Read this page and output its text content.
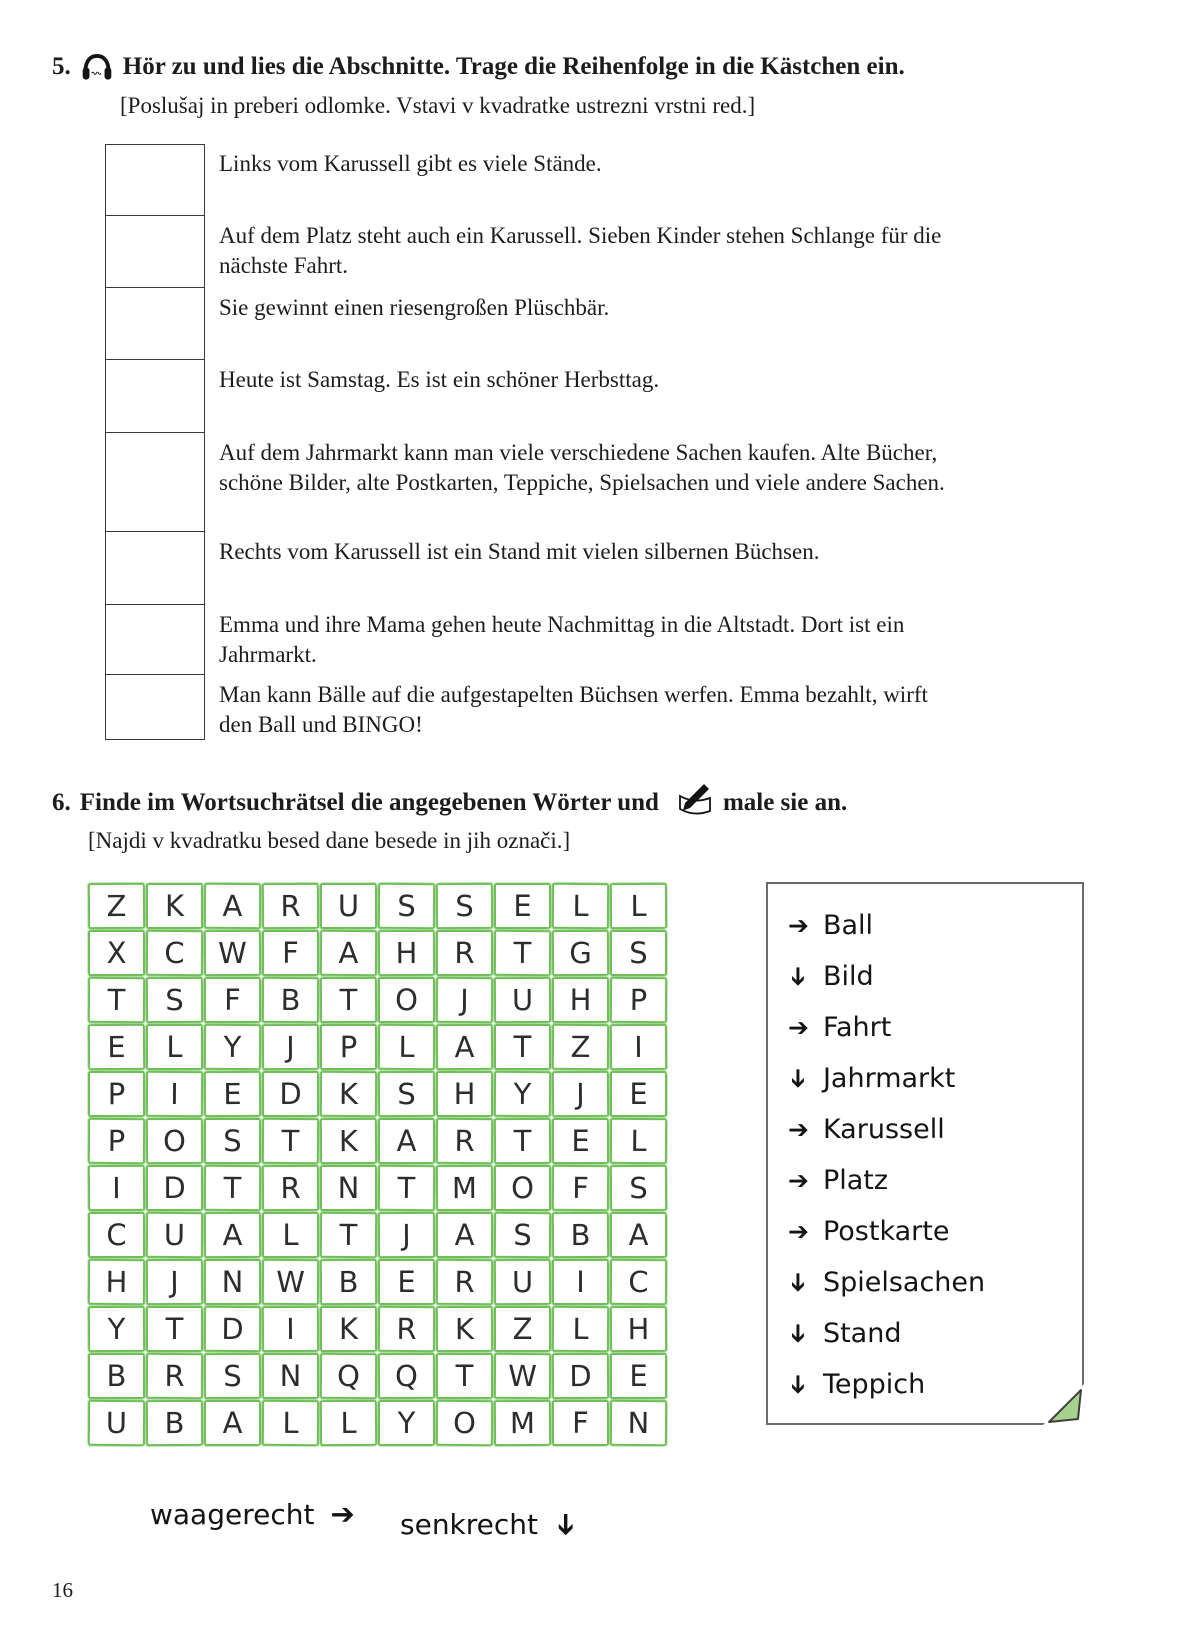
5. Hör zu und lies die Abschnitte. Trage die Reihenfolge in die Kästchen ein.

[Poslušaj in preberi odlomke. Vstavi v kvadratke ustrezni vrstni red.]

Links vom Karussell gibt es viele Stände.
Auf dem Platz steht auch ein Karussell. Sieben Kinder stehen Schlange für die nächste Fahrt.
Sie gewinnt einen riesengroßen Plüschbär.
Heute ist Samstag. Es ist ein schöner Herbsttag.
Auf dem Jahrmarkt kann man viele verschiedene Sachen kaufen. Alte Bücher, schöne Bilder, alte Postkarten, Teppiche, Spielsachen und viele andere Sachen.
Rechts vom Karussell ist ein Stand mit vielen silbernen Büchsen.
Emma und ihre Mama gehen heute Nachmittag in die Altstadt. Dort ist ein Jahrmarkt.
Man kann Bälle auf die aufgestapelten Büchsen werfen. Emma bezahlt, wirft den Ball und BINGO!
6. Finde im Wortsuchrätsel die angegebenen Wörter und	male sie an.

[Najdi v kvadratku besed dane besede in jih označi.]

Z	K	A	R	U	S	S	E	L	L
X	C	W	F	A	H	R	T	G	S
T	S	F	B	T	O	J	U	H	P
E	L	Y	J	P	L	A	T	Z	I
P	I	E	D	K	S	H	Y	J	E
P	O	S	T	K	A	R	T	E	L
I	D	T	R	N	T	M	O	F	S
C	U	A	L	T	J	A	S	B	A
H	J	N	W	B	E	R	U	I	C
Y	T	D	I	K	R	K	Z	L	H
B	R	S	N	Q	Q	T	W	D	E
U	B	A	L	L	Y	O	M	F	N
➔ Ball
➔ Bild
➔ Fahrt
➔ Jahrmarkt
➔ Karussell
➔ Platz
➔ Postkarte
➔ Spielsachen
➔ Stand
➔ Teppich
waagerecht ➔ senkrecht ➔
16
